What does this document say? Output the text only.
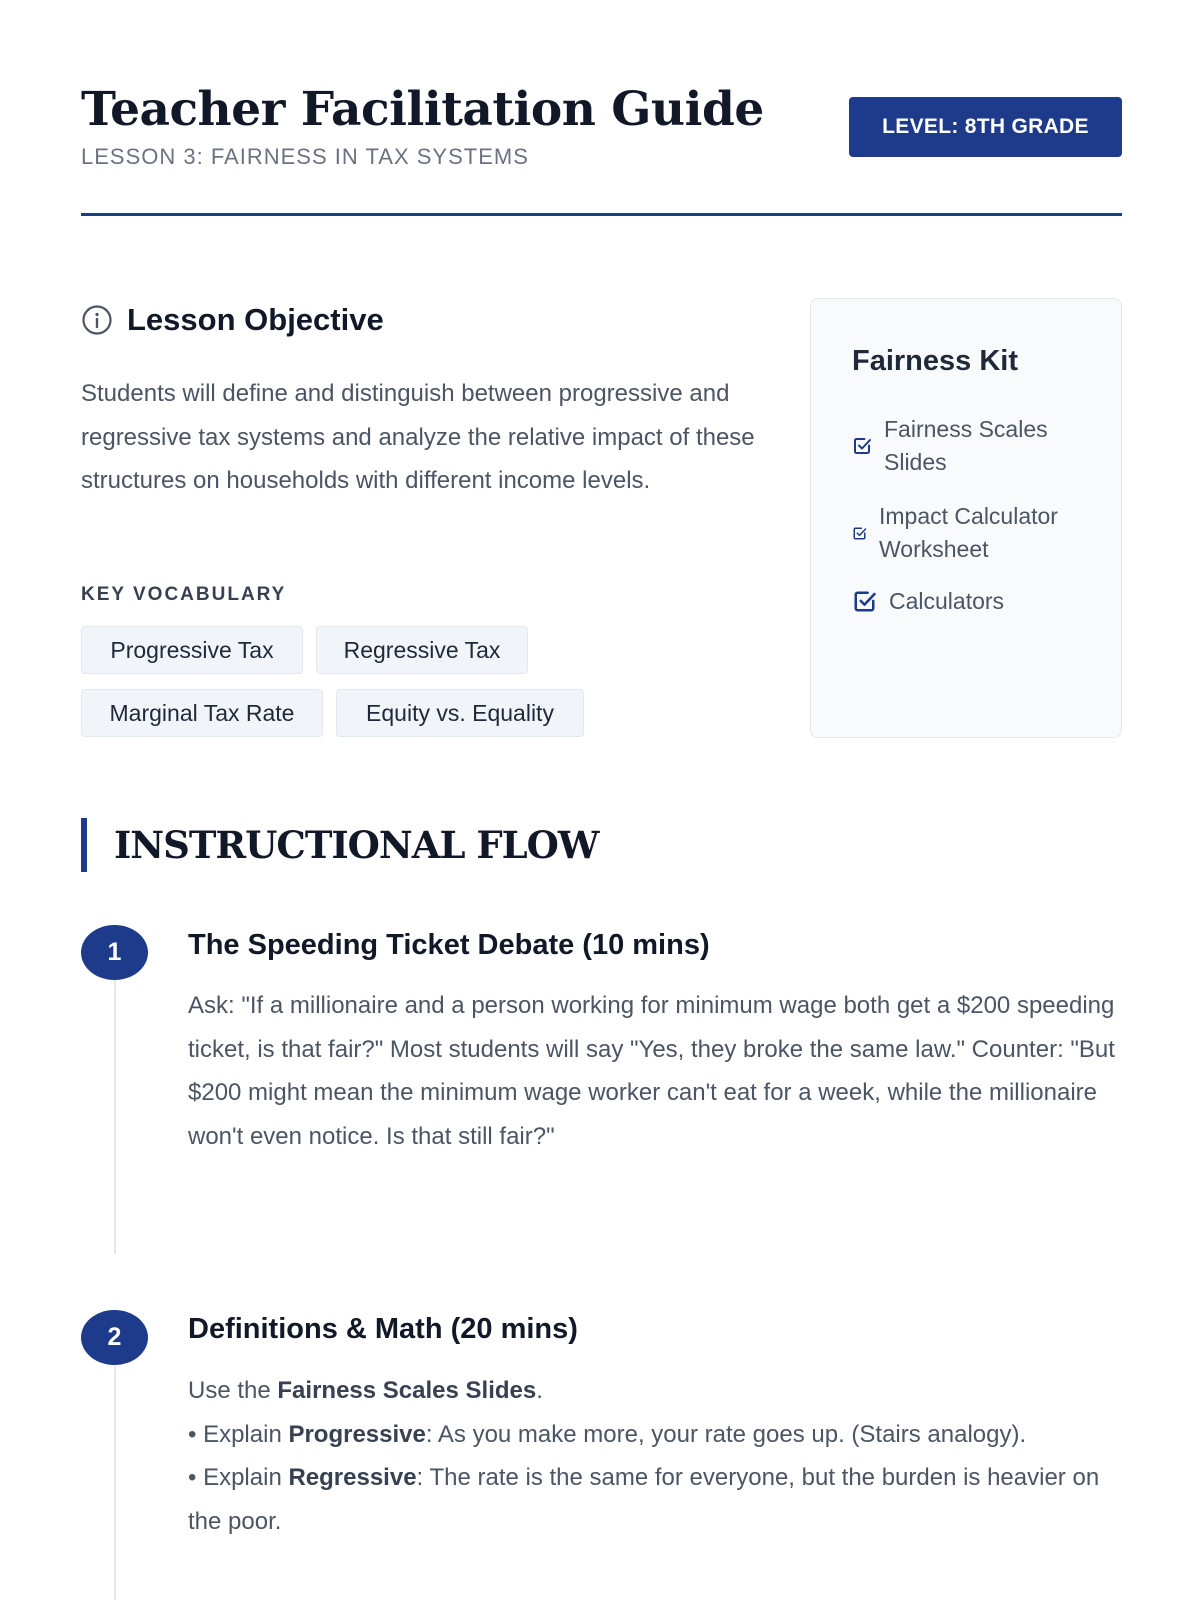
Teacher Facilitation Guide
LESSON 3: FAIRNESS IN TAX SYSTEMS
LEVEL: 8TH GRADE
Lesson Objective

Students will define and distinguish between progressive and regressive tax systems and analyze the relative impact of these structures on households with different income levels.

KEY VOCABULARY
Progressive Tax	Regressive Tax
Marginal Tax Rate	Equity vs. Equality
Fairness Kit
Fairness Scales Slides
Impact Calculator Worksheet
Calculators
INSTRUCTIONAL FLOW
1	The Speeding Ticket Debate (10 mins)

Ask: "If a millionaire and a person working for minimum wage both get a $200 speeding ticket, is that fair?" Most students will say "Yes, they broke the same law." Counter: "But $200 might mean the minimum wage worker can't eat for a week, while the millionaire won't even notice. Is that still fair?"

2	Definitions & Math (20 mins)
Use the Fairness Scales Slides.
• Explain Progressive: As you make more, your rate goes up. (Stairs analogy).
• Explain Regressive: The rate is the same for everyone, but the burden is heavier on the poor.
